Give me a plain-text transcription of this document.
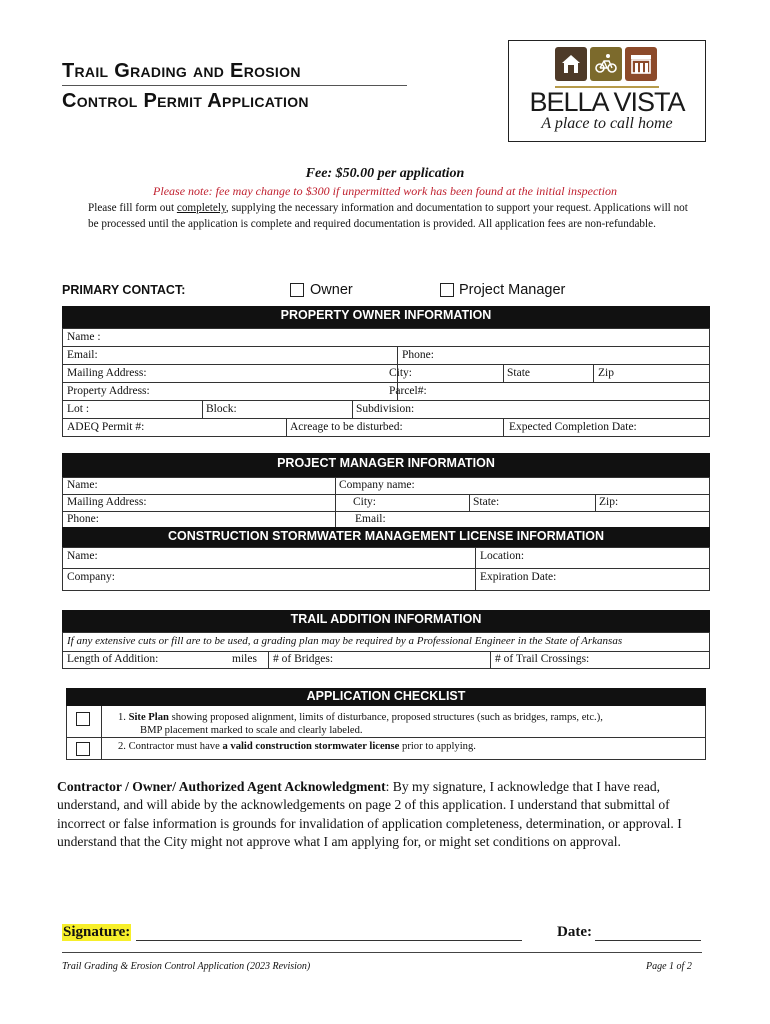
Trail Grading and Erosion
Control Permit Application	BELLA VISTA
A place to call home
Fee: $50.00 per application
Please note: fee may change to $300 if unpermitted work has been found at the initial inspection
Please fill form out completely, supplying the necessary information and documentation to support your request. Applications will not be processed until the application is complete and required documentation is provided. All application fees are non-refundable.
PRIMARY CONTACT:	Owner	Project Manager
PROPERTY OWNER INFORMATION
Name :
Email:	Phone:
Mailing Address:	City:	State	Zip
Property Address:	Parcel#:
Lot :	Block:	Subdivision:
ADEQ Permit #:	Acreage to be disturbed:	Expected Completion Date:
PROJECT MANAGER INFORMATION
Name:	Company name:
Mailing Address:	City:	State:	Zip:
Phone:	Email:
CONSTRUCTION STORMWATER MANAGEMENT LICENSE INFORMATION
Name:	Location:
Company:	Expiration Date:
TRAIL ADDITION INFORMATION
If any extensive cuts or fill are to be used, a grading plan may be required by a Professional Engineer in the State of Arkansas
Length of Addition:	miles # of Bridges:	# of Trail Crossings:
APPLICATION CHECKLIST
1. Site Plan showing proposed alignment, limits of disturbance, proposed structures (such as bridges, ramps, etc.),
BMP placement marked to scale and clearly labeled.
2. Contractor must have a valid construction stormwater license prior to applying.
Contractor / Owner/ Authorized Agent Acknowledgment: By my signature, I acknowledge that I have read, understand, and will abide by the acknowledgements on page 2 of this application. I understand that submittal of incorrect or false information is grounds for invalidation of application completeness, determination, or approval. I understand that the City might not approve what I am applying for, or might set conditions on approval.
Signature:	Date:
Trail Grading & Erosion Control Application (2023 Revision)	Page 1 of 2
